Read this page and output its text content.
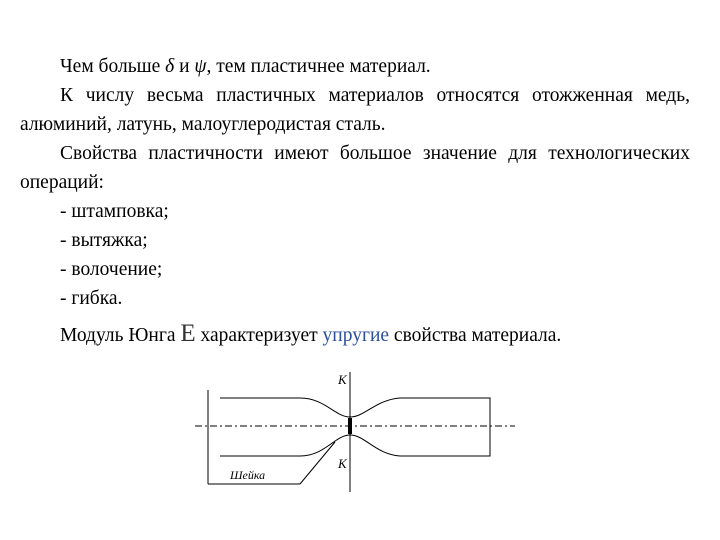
Чем больше δ и ψ, тем пластичнее материал.

К числу весьма пластичных материалов относятся отожженная медь, алюминий, латунь, малоуглеродистая сталь.

Свойства пластичности имеют большое значение для технологических операций:

- штамповка;

- вытяжка;

- волочение;

- гибка.

Модуль Юнга E характеризует упругие свойства материала.

К
К
Шейка
